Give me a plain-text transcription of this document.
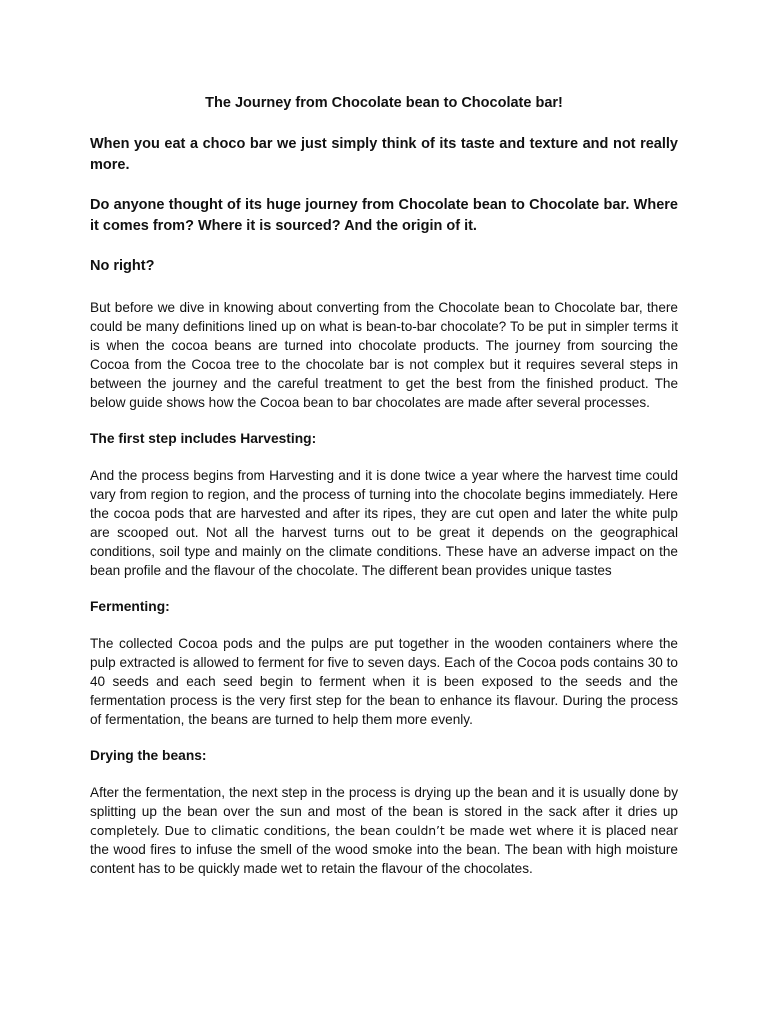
The Journey from Chocolate bean to Chocolate bar!

When you eat a choco bar we just simply think of its taste and texture and not really more.

Do anyone thought of its huge journey from Chocolate bean to Chocolate bar. Where it comes from? Where it is sourced? And the origin of it.

No right?

But before we dive in knowing about converting from the Chocolate bean to Chocolate bar, there could be many definitions lined up on what is bean-to-bar chocolate? To be put in simpler terms it is when the cocoa beans are turned into chocolate products. The journey from sourcing the Cocoa from the Cocoa tree to the chocolate bar is not complex but it requires several steps in between the journey and the careful treatment to get the best from the finished product. The below guide shows how the Cocoa bean to bar chocolates are made after several processes.

The first step includes Harvesting:

And the process begins from Harvesting and it is done twice a year where the harvest time could vary from region to region, and the process of turning into the chocolate begins immediately. Here the cocoa pods that are harvested and after its ripes, they are cut open and later the white pulp are scooped out. Not all the harvest turns out to be great it depends on the geographical conditions, soil type and mainly on the climate conditions. These have an adverse impact on the bean profile and the flavour of the chocolate. The different bean provides unique tastes

Fermenting:

The collected Cocoa pods and the pulps are put together in the wooden containers where the pulp extracted is allowed to ferment for five to seven days. Each of the Cocoa pods contains 30 to 40 seeds and each seed begin to ferment when it is been exposed to the seeds and the fermentation process is the very first step for the bean to enhance its flavour. During the process of fermentation, the beans are turned to help them more evenly.

Drying the beans:

After the fermentation, the next step in the process is drying up the bean and it is usually done by splitting up the bean over the sun and most of the bean is stored in the sack after it dries up completely. Due to climatic conditions, the bean couldn’t be made wet where it is placed near the wood fires to infuse the smell of the wood smoke into the bean. The bean with high moisture content has to be quickly made wet to retain the flavour of the chocolates.
